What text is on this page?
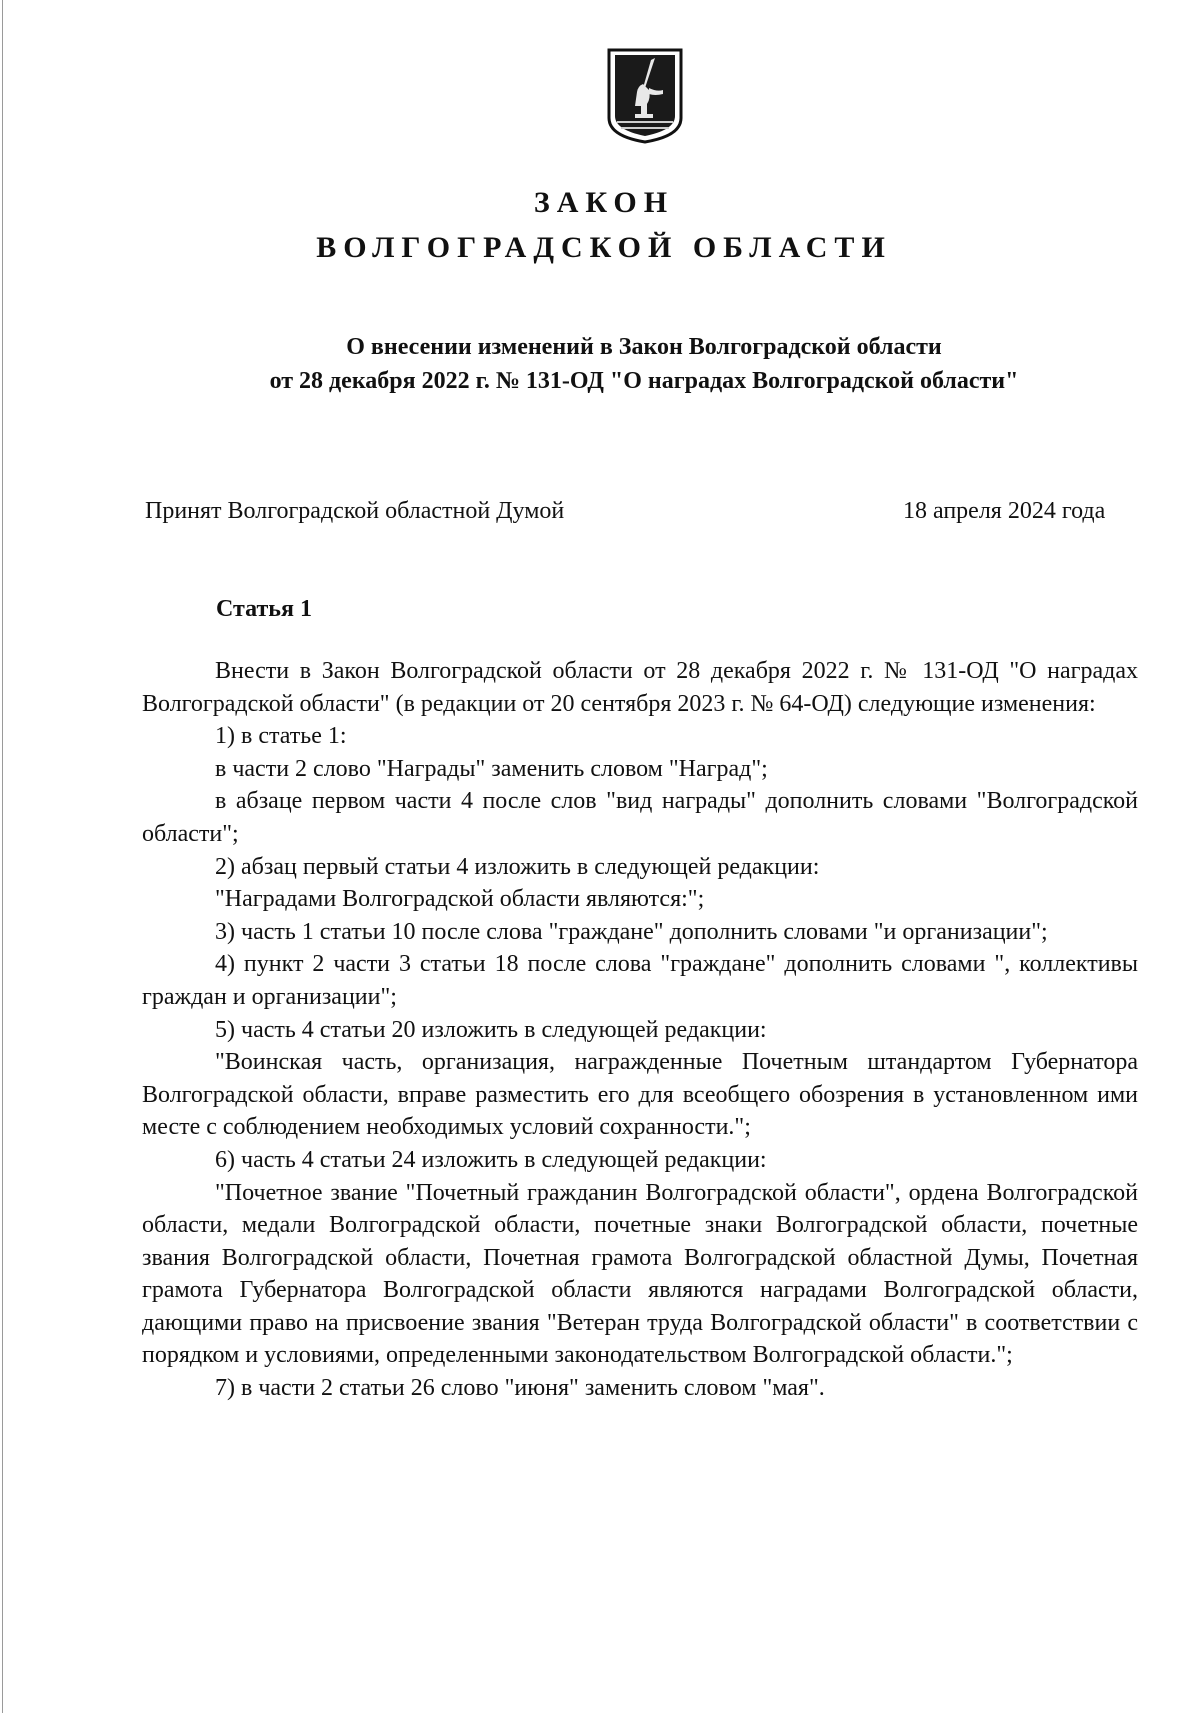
ЗАКОН
ВОЛГОГРАДСКОЙ ОБЛАСТИ
О внесении изменений в Закон Волгоградской области
от 28 декабря 2022 г. № 131-ОД "О наградах Волгоградской области"
Принят Волгоградской областной Думой	18 апреля 2024 года
Статья 1

Внести в Закон Волгоградской области от 28 декабря 2022 г. № 131-ОД "О наградах Волгоградской области" (в редакции от 20 сентября 2023 г. № 64-ОД) следующие изменения:

1) в статье 1:

в части 2 слово "Награды" заменить словом "Наград";

в абзаце первом части 4 после слов "вид награды" дополнить словами "Волгоградской области";

2) абзац первый статьи 4 изложить в следующей редакции:

"Наградами Волгоградской области являются:";

3) часть 1 статьи 10 после слова "граждане" дополнить словами "и организации";

4) пункт 2 части 3 статьи 18 после слова "граждане" дополнить словами ", коллективы граждан и организации";

5) часть 4 статьи 20 изложить в следующей редакции:

"Воинская часть, организация, награжденные Почетным штандартом Губернатора Волгоградской области, вправе разместить его для всеобщего обозрения в установленном ими месте с соблюдением необходимых условий сохранности.";

6) часть 4 статьи 24 изложить в следующей редакции:

"Почетное звание "Почетный гражданин Волгоградской области", ордена Волгоградской области, медали Волгоградской области, почетные знаки Волгоградской области, почетные звания Волгоградской области, Почетная грамота Волгоградской областной Думы, Почетная грамота Губернатора Волгоградской области являются наградами Волгоградской области, дающими право на присвоение звания "Ветеран труда Волгоградской области" в соответствии с порядком и условиями, определенными законодательством Волгоградской области.";

7) в части 2 статьи 26 слово "июня" заменить словом "мая".
